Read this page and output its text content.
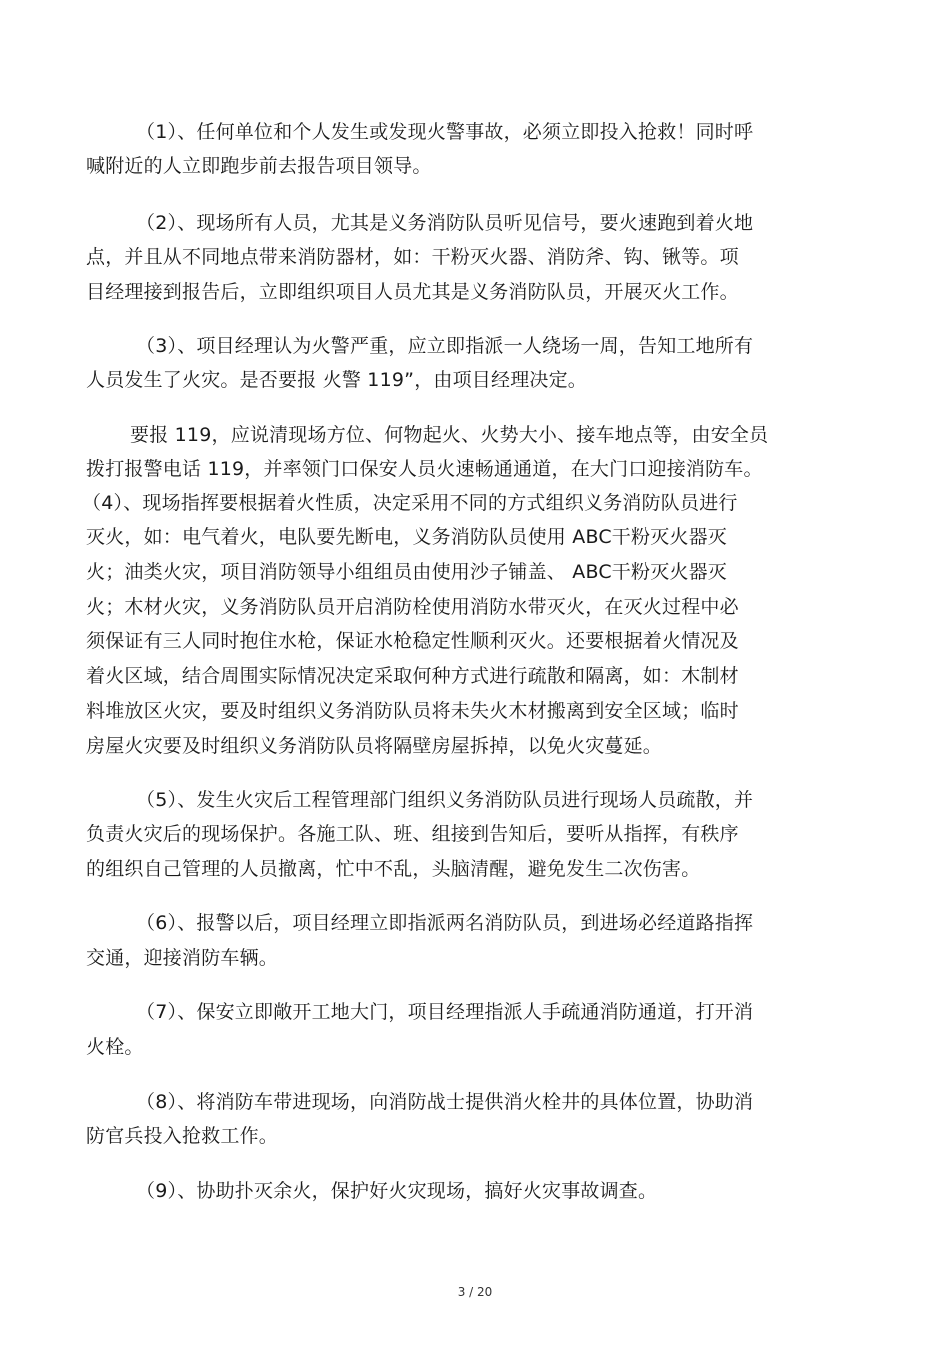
（1）、任何单位和个人发生或发现火警事故，必须立即投入抢救！同时呼
喊附近的人立即跑步前去报告项目领导。
（2）、现场所有人员，尤其是义务消防队员听见信号，要火速跑到着火地
点，并且从不同地点带来消防器材，如：干粉灭火器、消防斧、钩、锹等。项
目经理接到报告后，立即组织项目人员尤其是义务消防队员，开展灭火工作。
（3）、项目经理认为火警严重，应立即指派一人绕场一周，告知工地所有
人员发生了火灾。是否要报 火警 119”，由项目经理决定。
要报 119，应说清现场方位、何物起火、火势大小、接车地点等，由安全员
拨打报警电话 119，并率领门口保安人员火速畅通通道，在大门口迎接消防车。
（4）、现场指挥要根据着火性质，决定采用不同的方式组织义务消防队员进行
灭火，如：电气着火，电队要先断电，义务消防队员使用 ABC干粉灭火器灭
火；油类火灾，项目消防领导小组组员由使用沙子铺盖、 ABC干粉灭火器灭
火；木材火灾，义务消防队员开启消防栓使用消防水带灭火，在灭火过程中必
须保证有三人同时抱住水枪，保证水枪稳定性顺利灭火。还要根据着火情况及
着火区域，结合周围实际情况决定采取何种方式进行疏散和隔离，如：木制材
料堆放区火灾，要及时组织义务消防队员将未失火木材搬离到安全区域；临时
房屋火灾要及时组织义务消防队员将隔壁房屋拆掉，以免火灾蔓延。
（5）、发生火灾后工程管理部门组织义务消防队员进行现场人员疏散，并
负责火灾后的现场保护。各施工队、班、组接到告知后，要听从指挥，有秩序
的组织自己管理的人员撤离，忙中不乱，头脑清醒，避免发生二次伤害。
（6）、报警以后，项目经理立即指派两名消防队员，到进场必经道路指挥
交通，迎接消防车辆。
（7）、保安立即敞开工地大门，项目经理指派人手疏通消防通道，打开消
火栓。
（8）、将消防车带进现场，向消防战士提供消火栓井的具体位置，协助消
防官兵投入抢救工作。
（9）、协助扑灭余火，保护好火灾现场，搞好火灾事故调查。
3 / 20
